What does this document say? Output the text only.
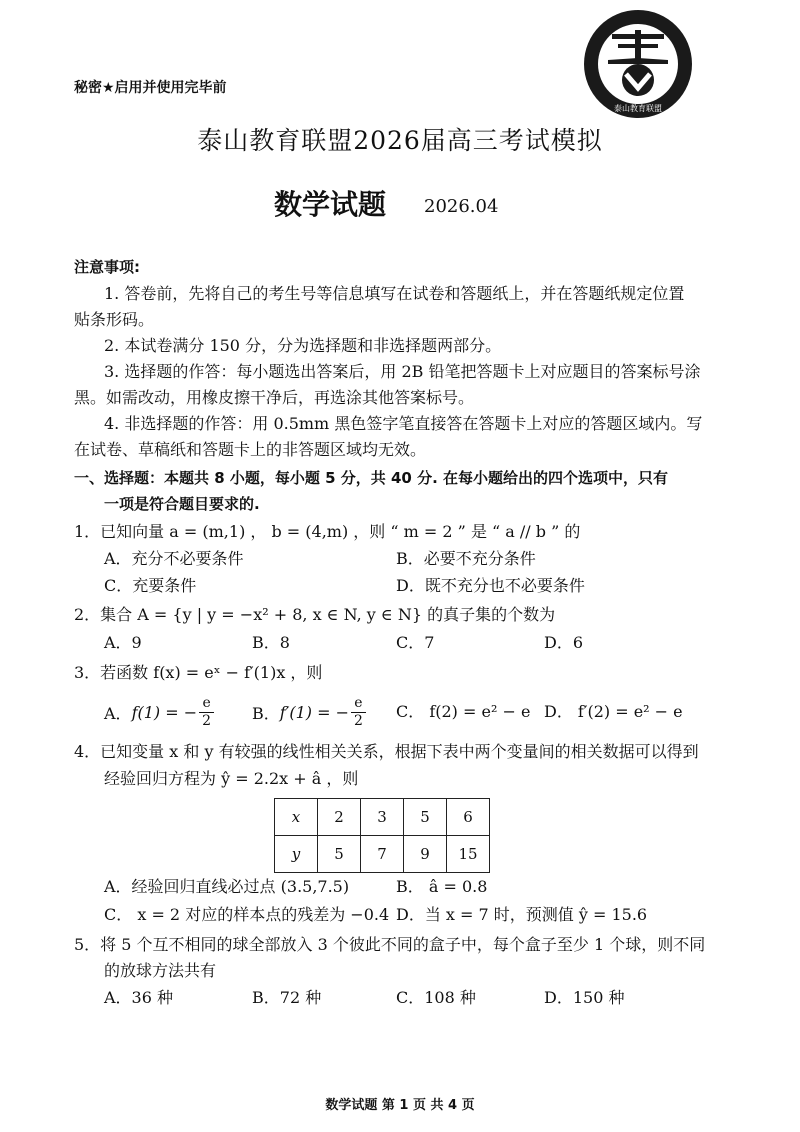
秘密★启用并使用完毕前
泰山教育联盟
泰山教育联盟2026届高三考试模拟
数学试题 2026.04
注意事项:
1. 答卷前，先将自己的考生号等信息填写在试卷和答题纸上，并在答题纸规定位置
贴条形码。
2. 本试卷满分 150 分，分为选择题和非选择题两部分。
3. 选择题的作答：每小题选出答案后，用 2B 铅笔把答题卡上对应题目的答案标号涂
黑。如需改动，用橡皮擦干净后，再选涂其他答案标号。
4. 非选择题的作答：用 0.5mm 黑色签字笔直接答在答题卡上对应的答题区域内。写
在试卷、草稿纸和答题卡上的非答题区域均无效。
一、选择题：本题共 8 小题，每小题 5 分，共 40 分. 在每小题给出的四个选项中，只有
一项是符合题目要求的.
1．已知向量 a = (m,1) ， b = (4,m) ，则 “ m = 2 ” 是 “ a // b ” 的
A．充分不必要条件	B．必要不充分条件
C．充要条件	D．既不充分也不必要条件
2．集合 A = {y | y = −x² + 8, x ∈ N, y ∈ N} 的真子集的个数为
A．9	B．8	C．7	D．6
3．若函数 f(x) = eˣ − f′(1)x ，则
A． f(1) = − $\frac{e}{2}$ B． f′(1) = − $\frac{e}{2}$ C． f(2) = e² − e D． f′(2) = e² − e
4．已知变量 x 和 y 有较强的线性相关关系，根据下表中两个变量间的相关数据可以得到
经验回归方程为 ŷ = 2.2x + â ，则
x	2	3	5	6
y	5	7	9	15
A．经验回归直线必过点 (3.5,7.5)	B． â = 0.8
C． x = 2 对应的样本点的残差为 −0.4 D．当 x = 7 时，预测值 ŷ = 15.6
5．将 5 个互不相同的球全部放入 3 个彼此不同的盒子中，每个盒子至少 1 个球，则不同
的放球方法共有
A．36 种	B．72 种	C．108 种	D．150 种
数学试题 第 1 页 共 4 页
